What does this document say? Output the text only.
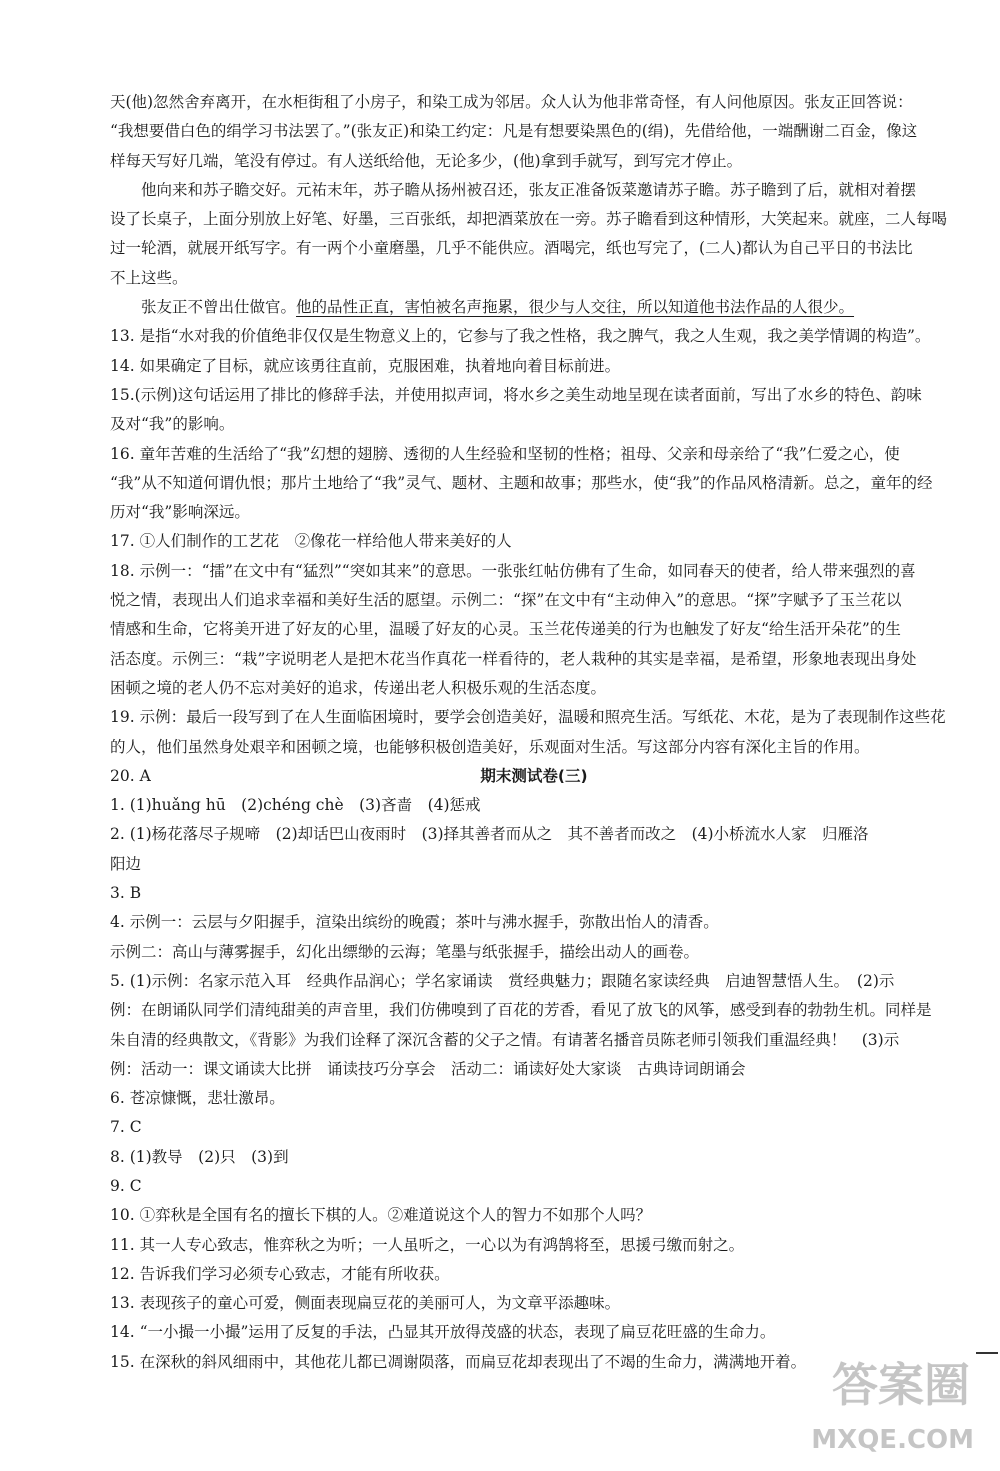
天(他)忽然舍弃离开，在水柜街租了小房子，和染工成为邻居。众人认为他非常奇怪，有人问他原因。张友正回答说：
“我想要借白色的绢学习书法罢了。”(张友正)和染工约定：凡是有想要染黑色的(绢)，先借给他，一端酬谢二百金，像这
样每天写好几端，笔没有停过。有人送纸给他，无论多少，(他)拿到手就写，到写完才停止。
他向来和苏子瞻交好。元祐末年，苏子瞻从扬州被召还，张友正准备饭菜邀请苏子瞻。苏子瞻到了后，就相对着摆
设了长桌子，上面分别放上好笔、好墨，三百张纸，却把酒菜放在一旁。苏子瞻看到这种情形，大笑起来。就座，二人每喝
过一轮酒，就展开纸写字。有一两个小童磨墨，几乎不能供应。酒喝完，纸也写完了，(二人)都认为自己平日的书法比
不上这些。
张友正不曾出仕做官。他的品性正直，害怕被名声拖累，很少与人交往，所以知道他书法作品的人很少。
13. 是指“水对我的价值绝非仅仅是生物意义上的，它参与了我之性格，我之脾气，我之人生观，我之美学情调的构造”。
14. 如果确定了目标，就应该勇往直前，克服困难，执着地向着目标前进。
15.(示例)这句话运用了排比的修辞手法，并使用拟声词，将水乡之美生动地呈现在读者面前，写出了水乡的特色、韵味
及对“我”的影响。
16. 童年苦难的生活给了“我”幻想的翅膀、透彻的人生经验和坚韧的性格；祖母、父亲和母亲给了“我”仁爱之心，使
“我”从不知道何谓仇恨；那片土地给了“我”灵气、题材、主题和故事；那些水，使“我”的作品风格清新。总之，童年的经
历对“我”影响深远。
17. ①人们制作的工艺花　②像花一样给他人带来美好的人
18. 示例一：“擂”在文中有“猛烈”“突如其来”的意思。一张张红帖仿佛有了生命，如同春天的使者，给人带来强烈的喜
悦之情，表现出人们追求幸福和美好生活的愿望。示例二：“探”在文中有“主动伸入”的意思。“探”字赋予了玉兰花以
情感和生命，它将美开进了好友的心里，温暖了好友的心灵。玉兰花传递美的行为也触发了好友“给生活开朵花”的生
活态度。示例三：“栽”字说明老人是把木花当作真花一样看待的，老人栽种的其实是幸福，是希望，形象地表现出身处
困顿之境的老人仍不忘对美好的追求，传递出老人积极乐观的生活态度。
19. 示例：最后一段写到了在人生面临困境时，要学会创造美好，温暖和照亮生活。写纸花、木花，是为了表现制作这些花
的人，他们虽然身处艰辛和困顿之境，也能够积极创造美好，乐观面对生活。写这部分内容有深化主旨的作用。
20. A	期末测试卷(三)
1. (1)huǎng hū　(2)chéng chè　(3)吝啬　(4)惩戒
2. (1)杨花落尽子规啼　(2)却话巴山夜雨时　(3)择其善者而从之　其不善者而改之　(4)小桥流水人家　归雁洛
阳边
3. B
4. 示例一：云层与夕阳握手，渲染出缤纷的晚霞；茶叶与沸水握手，弥散出怡人的清香。
示例二：高山与薄雾握手，幻化出缥缈的云海；笔墨与纸张握手，描绘出动人的画卷。
5. (1)示例：名家示范入耳　经典作品润心；学名家诵读　赏经典魅力；跟随名家读经典　启迪智慧悟人生。　(2)示
例：在朗诵队同学们清纯甜美的声音里，我们仿佛嗅到了百花的芳香，看见了放飞的风筝，感受到春的勃勃生机。同样是
朱自清的经典散文，《背影》为我们诠释了深沉含蓄的父子之情。有请著名播音员陈老师引领我们重温经典！　(3)示
例：活动一：课文诵读大比拼　诵读技巧分享会　活动二：诵读好处大家谈　古典诗词朗诵会
6. 苍凉慷慨，悲壮激昂。
7. C
8. (1)教导　(2)只　(3)到
9. C
10. ①弈秋是全国有名的擅长下棋的人。②难道说这个人的智力不如那个人吗？
11. 其一人专心致志，惟弈秋之为听；一人虽听之，一心以为有鸿鹄将至，思援弓缴而射之。
12. 告诉我们学习必须专心致志，才能有所收获。
13. 表现孩子的童心可爱，侧面表现扁豆花的美丽可人，为文章平添趣味。
14. “一小撮一小撮”运用了反复的手法，凸显其开放得茂盛的状态，表现了扁豆花旺盛的生命力。
15. 在深秋的斜风细雨中，其他花儿都已凋谢陨落，而扁豆花却表现出了不竭的生命力，满满地开着。 答案圈
MXQE.COM
